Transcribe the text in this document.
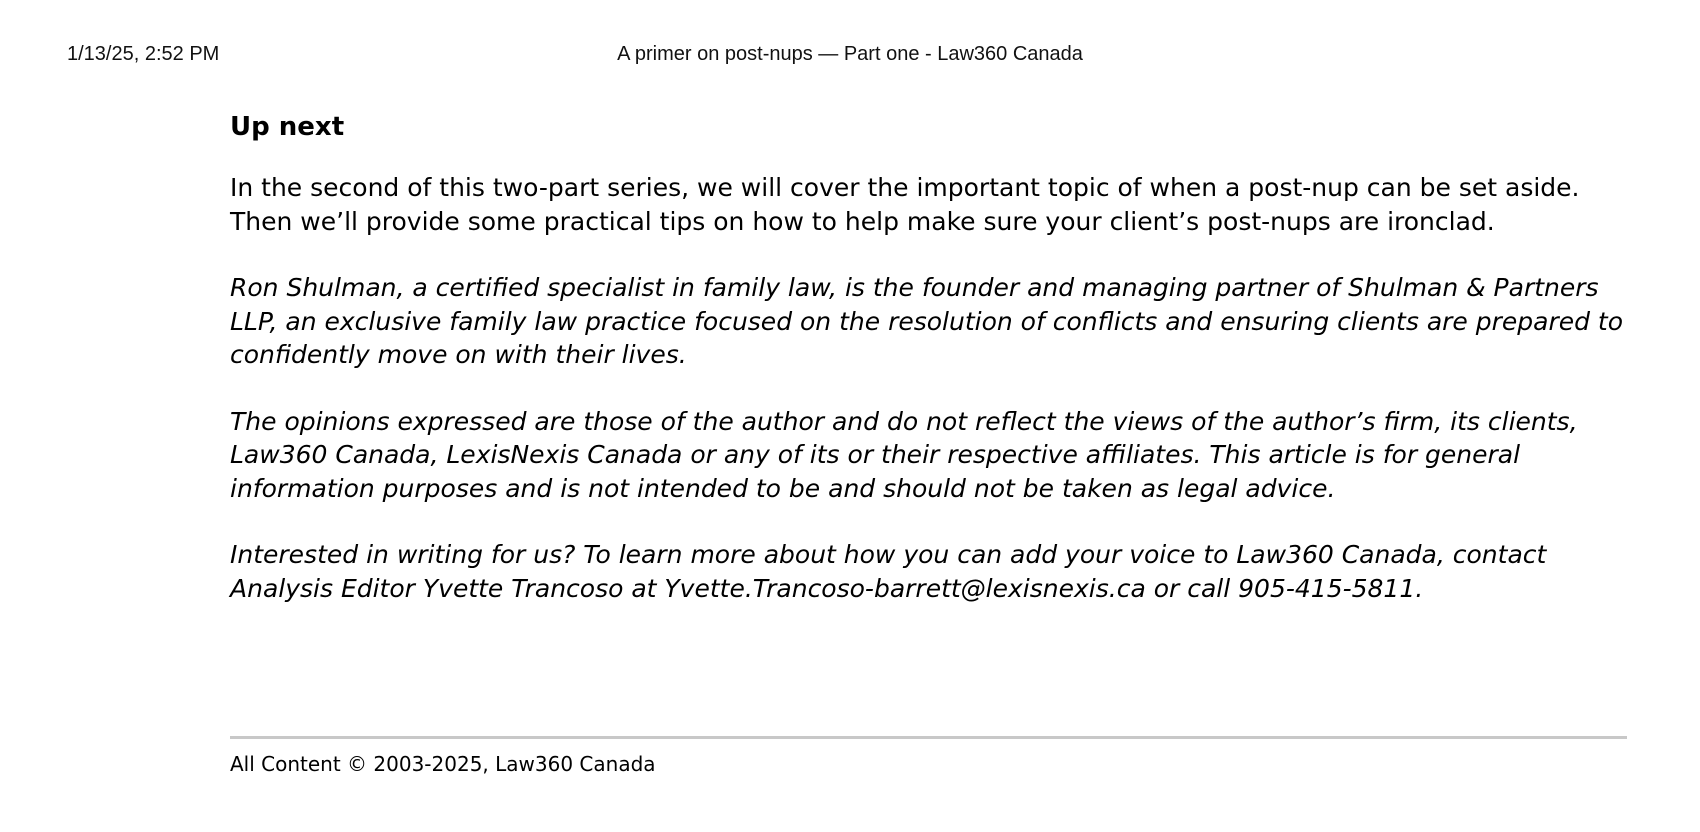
1/13/25, 2:52 PM	A primer on post-nups — Part one - Law360 Canada
Up next

In the second of this two-part series, we will cover the important topic of when a post-nup can be set aside. Then we’ll provide some practical tips on how to help make sure your client’s post-nups are ironclad.

Ron Shulman, a certified specialist in family law, is the founder and managing partner of Shulman & Partners LLP, an exclusive family law practice focused on the resolution of conflicts and ensuring clients are prepared to confidently move on with their lives.

The opinions expressed are those of the author and do not reflect the views of the author’s firm, its clients, Law360 Canada, LexisNexis Canada or any of its or their respective affiliates. This article is for general information purposes and is not intended to be and should not be taken as legal advice.

Interested in writing for us? To learn more about how you can add your voice to Law360 Canada, contact Analysis Editor Yvette Trancoso at Yvette.Trancoso-barrett@lexisnexis.ca or call 905-415-5811.

All Content © 2003-2025, Law360 Canada
